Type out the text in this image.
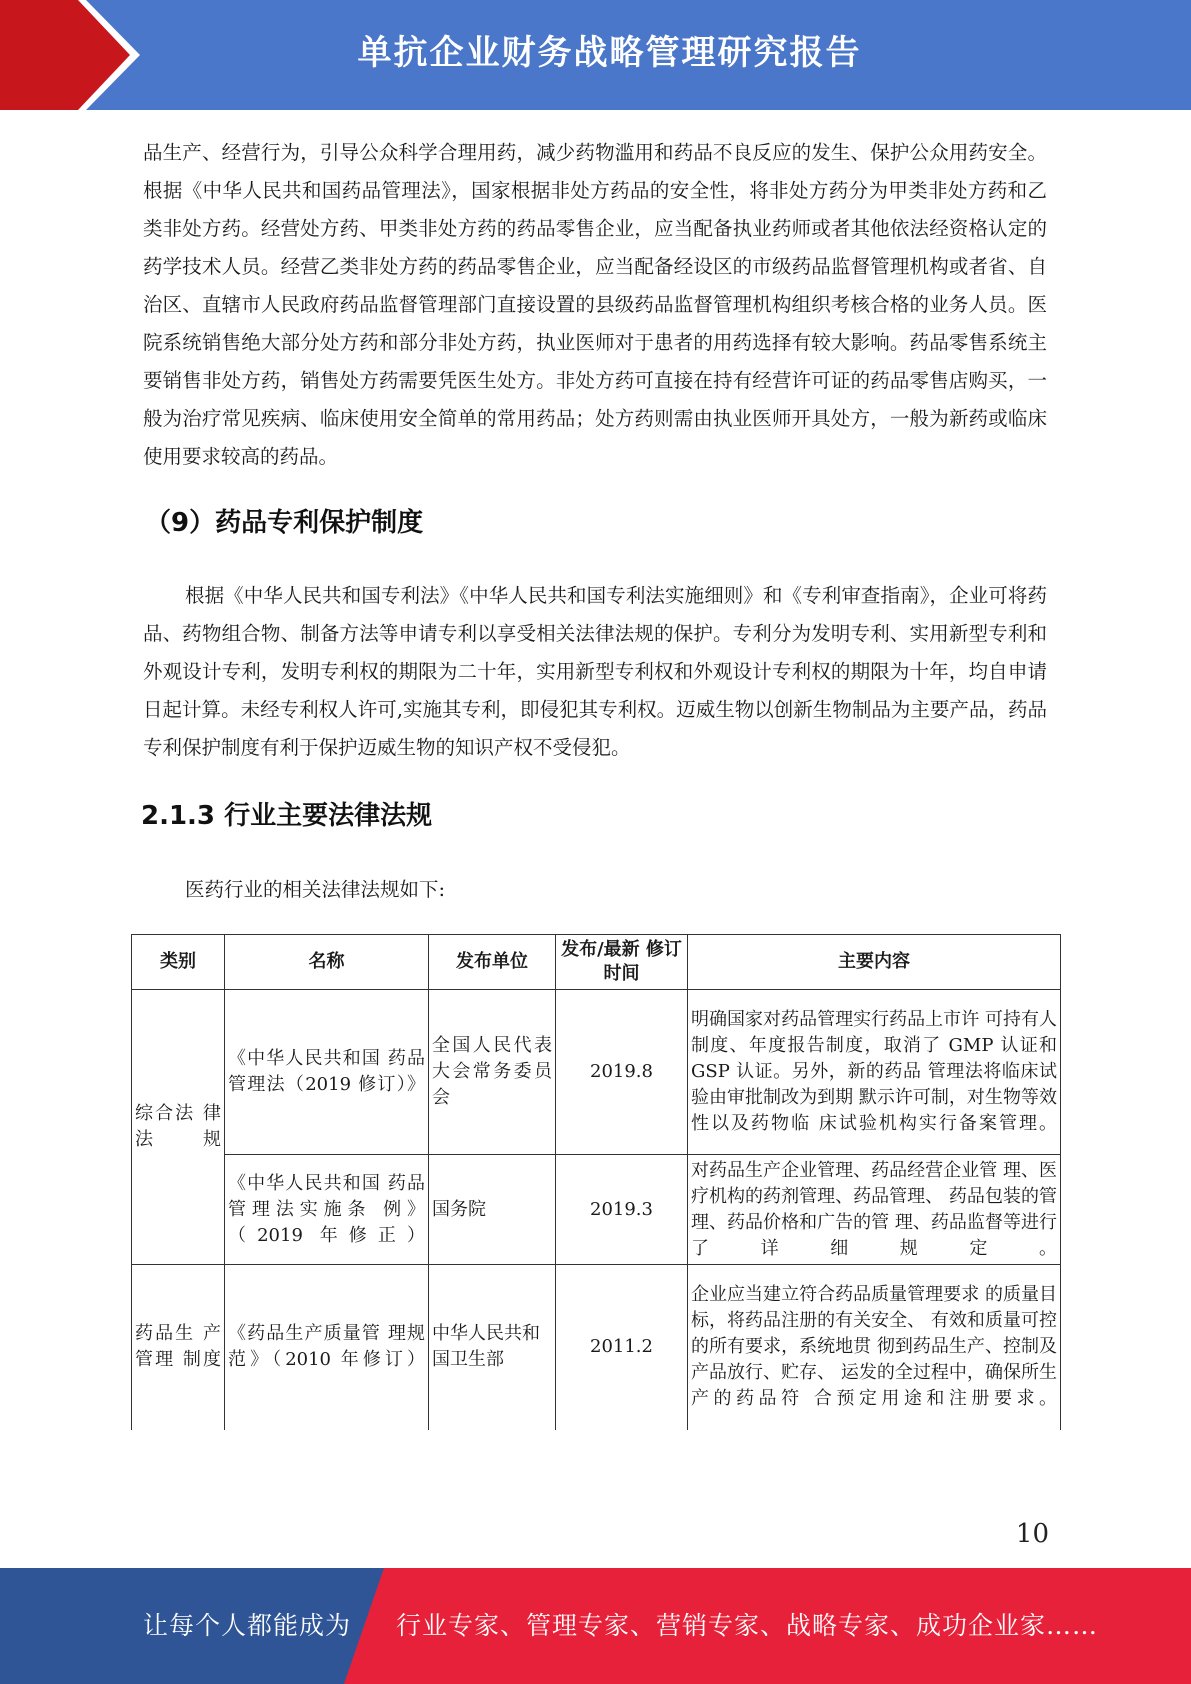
单抗企业财务战略管理研究报告

品生产、经营行为，引导公众科学合理用药，减少药物滥用和药品不良反应的发生、保护公众用药安全。根据《中华人民共和国药品管理法》，国家根据非处方药品的安全性，将非处方药分为甲类非处方药和乙类非处方药。经营处方药、甲类非处方药的药品零售企业，应当配备执业药师或者其他依法经资格认定的药学技术人员。经营乙类非处方药的药品零售企业，应当配备经设区的市级药品监督管理机构或者省、自治区、直辖市人民政府药品监督管理部门直接设置的县级药品监督管理机构组织考核合格的业务人员。医院系统销售绝大部分处方药和部分非处方药，执业医师对于患者的用药选择有较大影响。药品零售系统主要销售非处方药，销售处方药需要凭医生处方。非处方药可直接在持有经营许可证的药品零售店购买，一般为治疗常见疾病、临床使用安全简单的常用药品；处方药则需由执业医师开具处方，一般为新药或临床使用要求较高的药品。

（9）药品专利保护制度

根据《中华人民共和国专利法》《中华人民共和国专利法实施细则》和《专利审查指南》，企业可将药品、药物组合物、制备方法等申请专利以享受相关法律法规的保护。专利分为发明专利、实用新型专利和外观设计专利，发明专利权的期限为二十年，实用新型专利权和外观设计专利权的期限为十年，均自申请日起计算。未经专利权人许可,实施其专利，即侵犯其专利权。迈威生物以创新生物制品为主要产品，药品专利保护制度有利于保护迈威生物的知识产权不受侵犯。

2.1.3 行业主要法律法规

医药行业的相关法律法规如下:

类别	名称	发布单位	发布/最新 修订时间	主要内容
综合法 律法规	《中华人民共和国 药品管理法（2019 修订）》	全国人民代表大会常务委员会	2019.8	明确国家对药品管理实行药品上市许 可持有人制度、年度报告制度，取消了 GMP 认证和 GSP 认证。另外，新的药品 管理法将临床试验由审批制改为到期 默示许可制，对生物等效性以及药物临 床试验机构实行备案管理。
	《中华人民共和国 药品管理法实施条 例》（2019 年修正）	国务院	2019.3	对药品生产企业管理、药品经营企业管 理、医疗机构的药剂管理、药品管理、 药品包装的管理、药品价格和广告的管 理、药品监督等进行了详细规定。
药品生 产管理 制度	《药品生产质量管 理规范》（2010 年修订）	中华人民共和国卫生部	2011.2	企业应当建立符合药品质量管理要求 的质量目标，将药品注册的有关安全、 有效和质量可控的所有要求，系统地贯 彻到药品生产、控制及产品放行、贮存、 运发的全过程中，确保所生产的药品符 合预定用途和注册要求。
10
让每个人都能成为 行业专家、管理专家、营销专家、战略专家、成功企业家……
